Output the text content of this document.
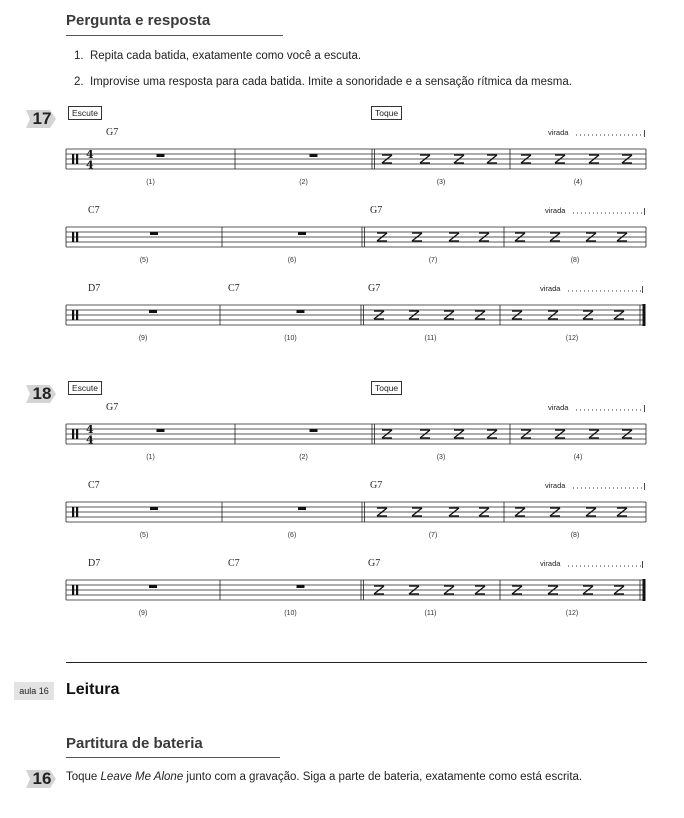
Pergunta e resposta
1. Repita cada batida, exatamente como você a escuta.
2. Improvise uma resposta para cada batida. Imite a sonoridade e a sensação rítmica da mesma.
17	Escute	Toque
18	Escute	Toque
4
4
G7	virada
(1)	(2)	(3)	(4)
C7	G7	virada
(5)	(6)	(7)	(8)
D7	C7	G7	virada
(9)	(10)	(11)	(12)
4
4
G7	virada
(1)	(2)	(3)	(4)
C7	G7	virada
(5)	(6)	(7)	(8)
D7	C7	G7	virada
(9)	(10)	(11)	(12)
aula 16	Leitura
Partitura de bateria
16	Toque Leave Me Alone junto com a gravação. Siga a parte de bateria, exatamente como está escrita.
